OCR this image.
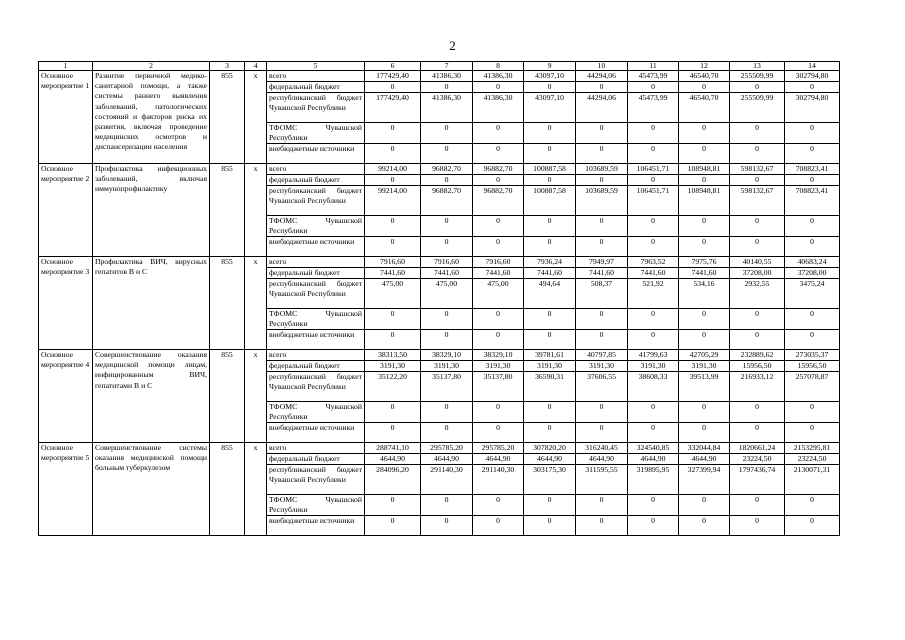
2
1	2	3	4	5	6	7	8	9	10	11	12	13	14
Основное мероприятие 1	Развитие первичной медико-санитарной помощи, а также системы раннего выявления заболеваний, патологических состояний и факторов риска их развития, включая проведение медицинских осмотров и диспансеризации населения	855	х	всего	177429,40	41386,30	41386,30	43097,10	44294,06	45473,99	46540,70	255509,99	302794,80
				федеральный бюджет	0	0	0	0	0	0	0	0	0
				республиканский бюджет Чувашской Республики	177429,40	41386,30	41386,30	43097,10	44294,06	45473,99	46540,70	255509,99	302794,80
				ТФОМС Чувашской Республики	0	0	0	0	0	0	0	0	0
				внебюджетные источники	0	0	0	0	0	0	0	0	0
Основное мероприятие 2	Профилактика инфекционных заболеваний, включая иммунопрофилактику	855	х	всего	99214,00	96882,70	96882,70	100887,58	103689,59	106451,71	108948,81	598132,67	708823,41
				федеральный бюджет	0	0	0	0	0	0	0	0	0
				республиканский бюджет Чувашской Республики	99214,00	96882,70	96882,70	100887,58	103689,59	106451,71	108948,81	598132,67	708823,41
				ТФОМС Чувашской Республики	0	0	0	0	0	0	0	0	0
				внебюджетные источники	0	0	0	0	0	0	0	0	0
Основное мероприятие 3	Профилактика ВИЧ, вирусных гепатитов В и С	855	х	всего	7916,60	7916,60	7916,60	7936,24	7949,97	7963,52	7975,76	40140,55	40683,24
				федеральный бюджет	7441,60	7441,60	7441,60	7441,60	7441,60	7441,60	7441,60	37208,00	37208,00
				республиканский бюджет Чувашской Республики	475,00	475,00	475,00	494,64	508,37	521,92	534,16	2932,55	3475,24
				ТФОМС Чувашской Республики	0	0	0	0	0	0	0	0	0
				внебюджетные источники	0	0	0	0	0	0	0	0	0
Основное мероприятие 4	Совершенствование оказания медицинской помощи лицам, инфицированным ВИЧ, гепатитами В и С	855	х	всего	38313,50	38329,10	38329,10	39781,61	40797,85	41799,63	42705,29	232889,62	273035,37
				федеральный бюджет	3191,30	3191,30	3191,30	3191,30	3191,30	3191,30	3191,30	15956,50	15956,50
				республиканский бюджет Чувашской Республики	35122,20	35137,80	35137,80	36590,31	37606,55	38608,33	39513,99	216933,12	257078,87
				ТФОМС Чувашской Республики	0	0	0	0	0	0	0	0	0
				внебюджетные источники	0	0	0	0	0	0	0	0	0
Основное мероприятие 5	Совершенствование системы оказания медицинской помощи больным туберкулезом	855	х	всего	288741,10	295785,20	295785,20	307820,20	316240,45	324540,85	332044,84	1820661,24	2153295,81
				федеральный бюджет	4644,90	4644,90	4644,90	4644,90	4644,90	4644,90	4644,90	23224,50	23224,50
				республиканский бюджет Чувашской Республики	284096,20	291140,30	291140,30	303175,30	311595,55	319895,95	327399,94	1797436,74	2130071,31
				ТФОМС Чувашской Республики	0	0	0	0	0	0	0	0	0
				внебюджетные источники	0	0	0	0	0	0	0	0	0
